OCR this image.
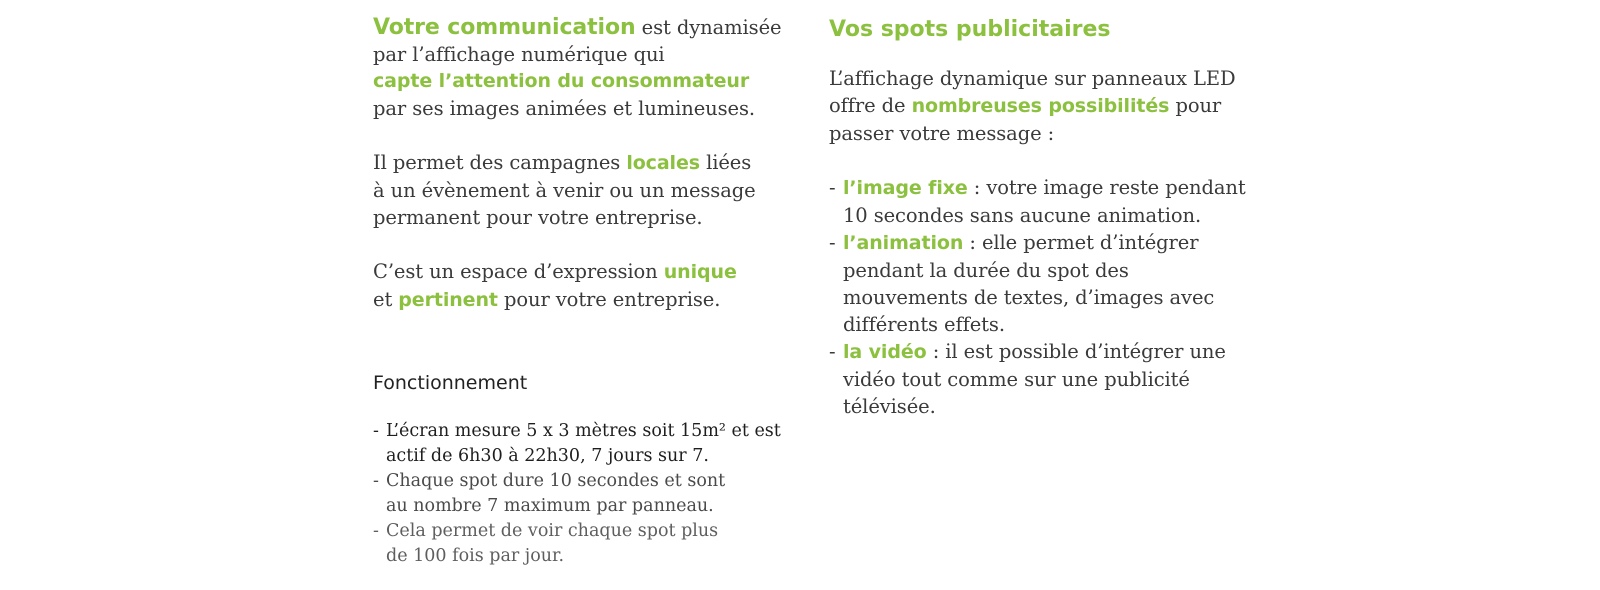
Votre communication est dynamisée
par l’affichage numérique qui
capte l’attention du consommateur
par ses images animées et lumineuses.

Il permet des campagnes locales liées
à un évènement à venir ou un message
permanent pour votre entreprise.

C’est un espace d’expression unique
et pertinent pour votre entreprise.

Fonctionnement

- L’écran mesure 5 x 3 mètres soit 15m² et est
actif de 6h30 à 22h30, 7 jours sur 7.
- Chaque spot dure 10 secondes et sont
au nombre 7 maximum par panneau.
- Cela permet de voir chaque spot plus
de 100 fois par jour.
Vos spots publicitaires

L’affichage dynamique sur panneaux LED
offre de nombreuses possibilités pour
passer votre message :

- l’image fixe : votre image reste pendant
10 secondes sans aucune animation.
- l’animation : elle permet d’intégrer
pendant la durée du spot des
mouvements de textes, d’images avec
différents effets.
- la vidéo : il est possible d’intégrer une
vidéo tout comme sur une publicité
télévisée.
